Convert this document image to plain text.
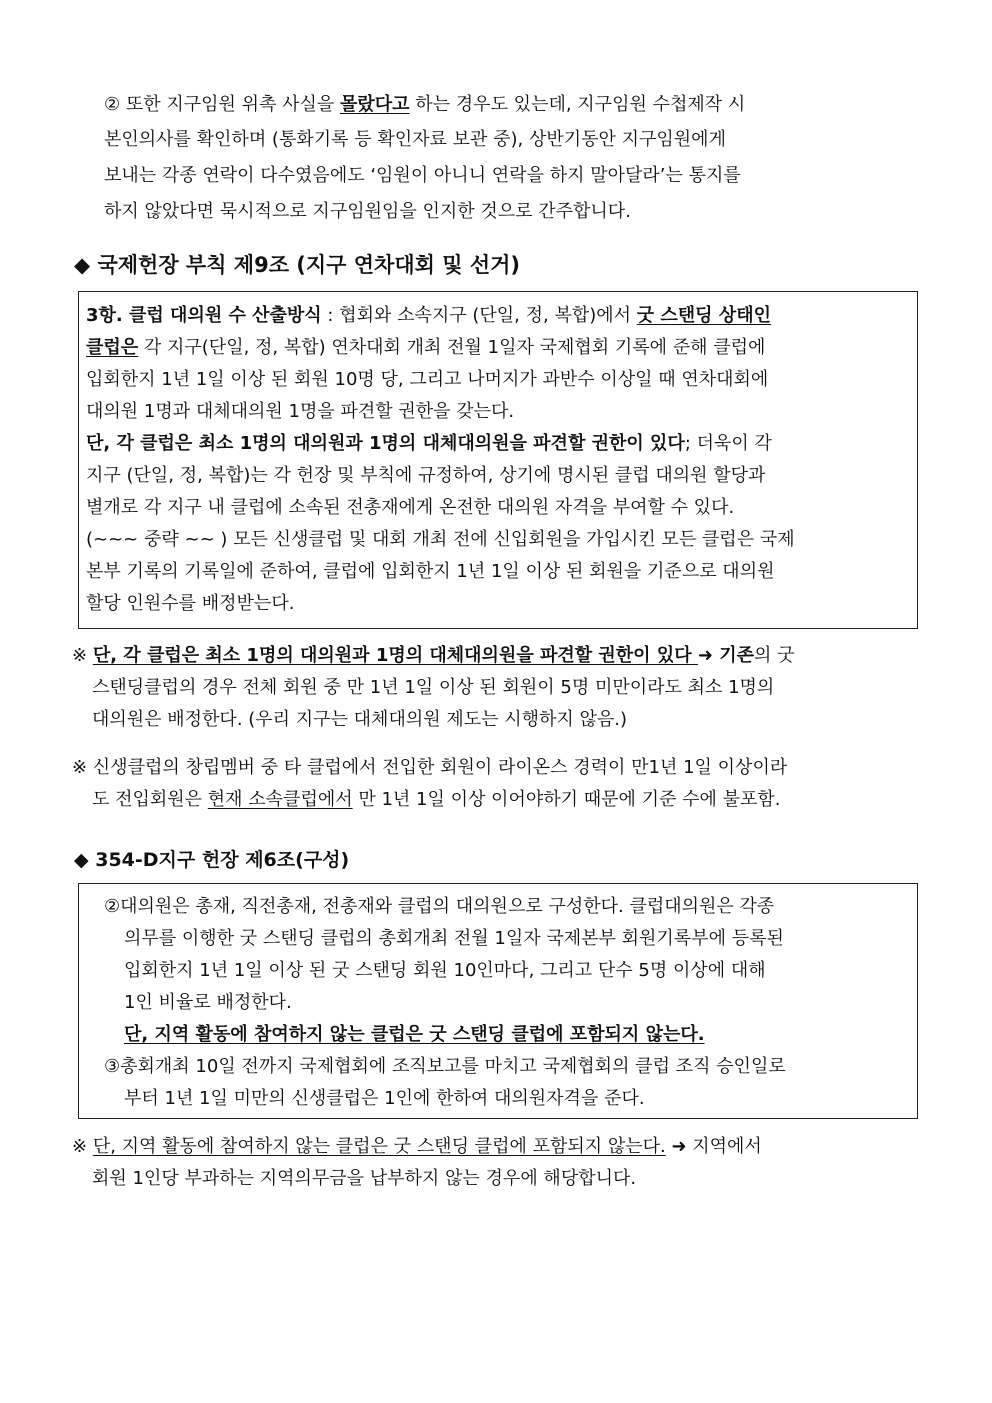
② 또한 지구임원 위촉 사실을 몰랐다고 하는 경우도 있는데, 지구임원 수첩제작 시
본인의사를 확인하며 (통화기록 등 확인자료 보관 중), 상반기동안 지구임원에게
보내는 각종 연락이 다수였음에도 ‘임원이 아니니 연락을 하지 말아달라’는 통지를
하지 않았다면 묵시적으로 지구임원임을 인지한 것으로 간주합니다.
◆ 국제헌장 부칙 제9조 (지구 연차대회 및 선거)
3항. 클럽 대의원 수 산출방식 : 협회와 소속지구 (단일, 정, 복합)에서 굿 스탠딩 상태인
클럽은 각 지구(단일, 정, 복합) 연차대회 개최 전월 1일자 국제협회 기록에 준해 클럽에
입회한지 1년 1일 이상 된 회원 10명 당, 그리고 나머지가 과반수 이상일 때 연차대회에
대의원 1명과 대체대의원 1명을 파견할 권한을 갖는다.
단, 각 클럽은 최소 1명의 대의원과 1명의 대체대의원을 파견할 권한이 있다; 더욱이 각
지구 (단일, 정, 복합)는 각 헌장 및 부칙에 규정하여, 상기에 명시된 클럽 대의원 할당과
별개로 각 지구 내 클럽에 소속된 전총재에게 온전한 대의원 자격을 부여할 수 있다.
(~~~ 중략 ~~ ) 모든 신생클럽 및 대회 개최 전에 신입회원을 가입시킨 모든 클럽은 국제
본부 기록의 기록일에 준하여, 클럽에 입회한지 1년 1일 이상 된 회원을 기준으로 대의원
할당 인원수를 배정받는다.
※ 단, 각 클럽은 최소 1명의 대의원과 1명의 대체대의원을 파견할 권한이 있다 ➜ 기존의 굿
스탠딩클럽의 경우 전체 회원 중 만 1년 1일 이상 된 회원이 5명 미만이라도 최소 1명의
대의원은 배정한다. (우리 지구는 대체대의원 제도는 시행하지 않음.)
※ 신생클럽의 창립멤버 중 타 클럽에서 전입한 회원이 라이온스 경력이 만1년 1일 이상이라
도 전입회원은 현재 소속클럽에서 만 1년 1일 이상 이어야하기 때문에 기준 수에 불포함.
◆ 354-D지구 헌장 제6조(구성)
②대의원은 총재, 직전총재, 전총재와 클럽의 대의원으로 구성한다. 클럽대의원은 각종
의무를 이행한 굿 스탠딩 클럽의 총회개최 전월 1일자 국제본부 회원기록부에 등록된
입회한지 1년 1일 이상 된 굿 스탠딩 회원 10인마다, 그리고 단수 5명 이상에 대해
1인 비율로 배정한다.
단, 지역 활동에 참여하지 않는 클럽은 굿 스탠딩 클럽에 포함되지 않는다.
③총회개최 10일 전까지 국제협회에 조직보고를 마치고 국제협회의 클럽 조직 승인일로
부터 1년 1일 미만의 신생클럽은 1인에 한하여 대의원자격을 준다.
※ 단, 지역 활동에 참여하지 않는 클럽은 굿 스탠딩 클럽에 포함되지 않는다. ➜ 지역에서
회원 1인당 부과하는 지역의무금을 납부하지 않는 경우에 해당합니다.
